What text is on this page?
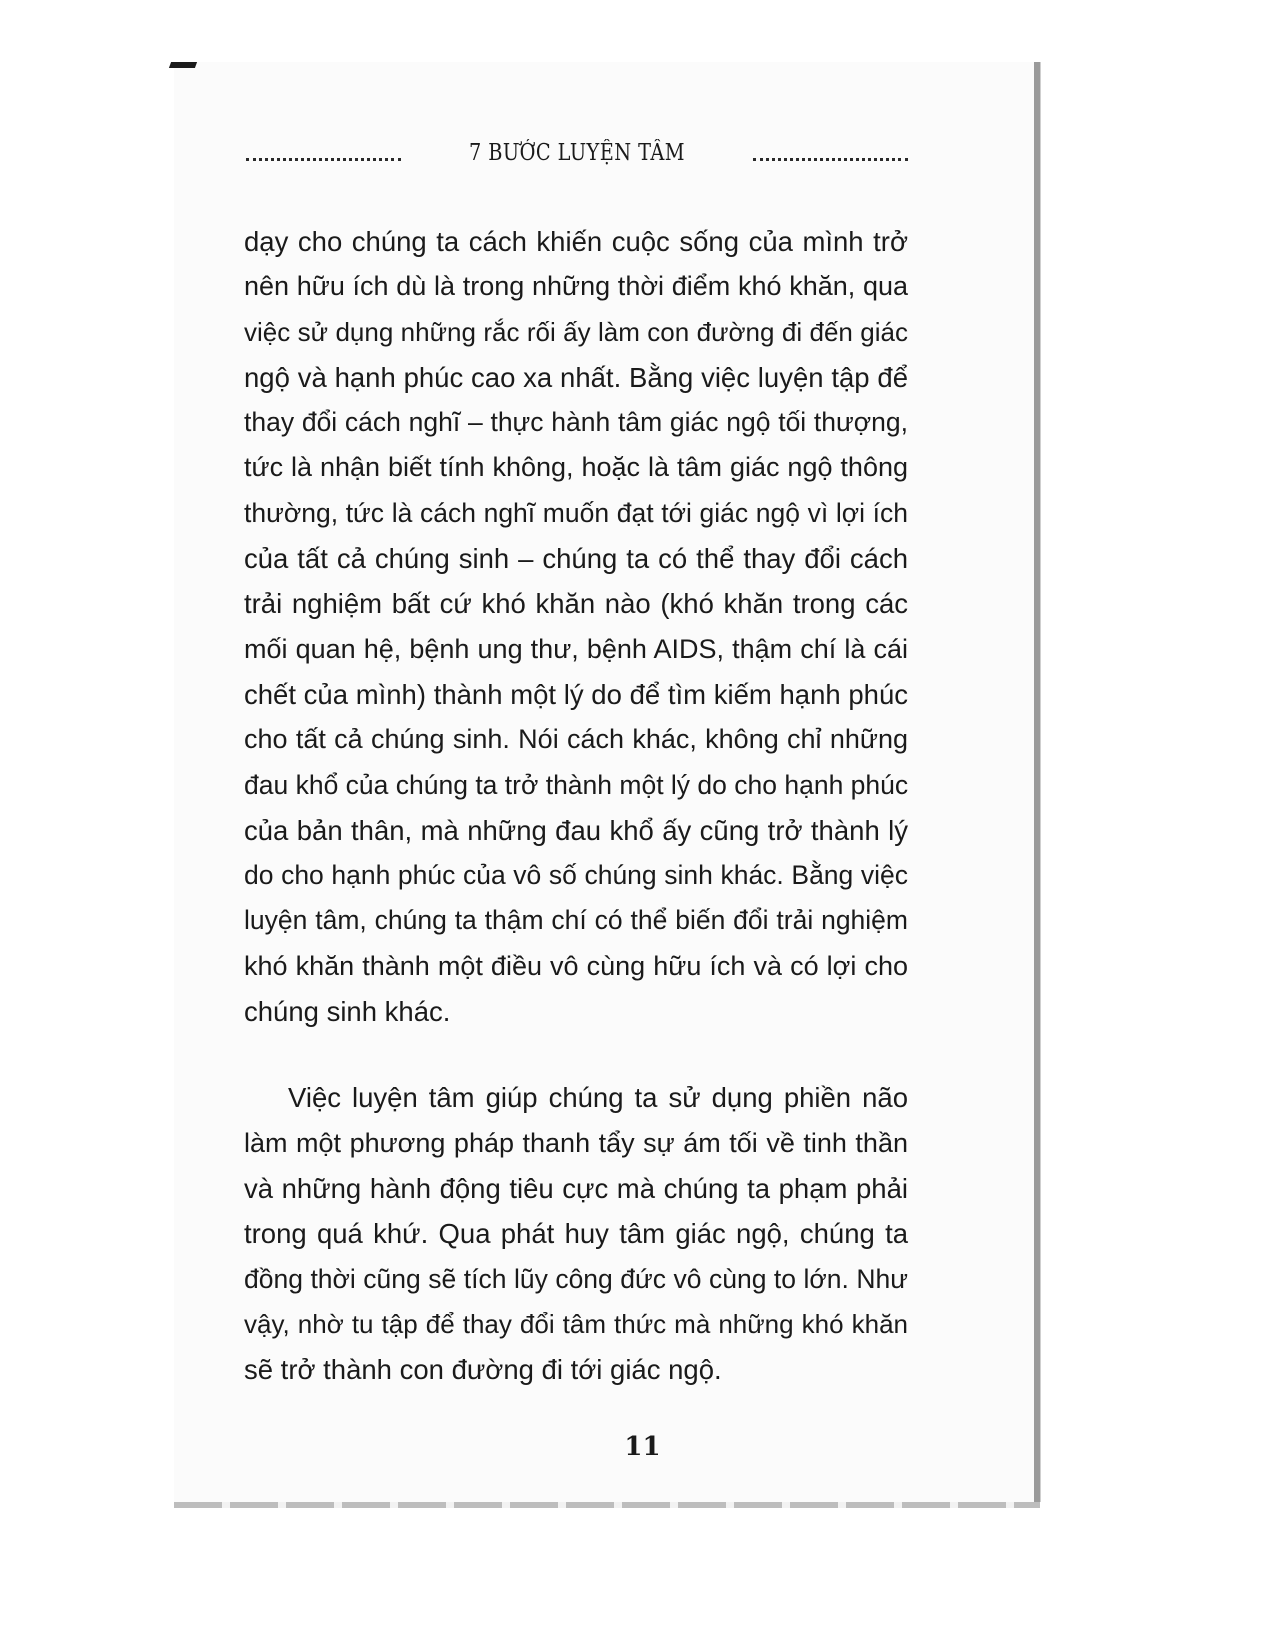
7 BƯỚC LUYỆN TÂM
dạy cho chúng ta cách khiến cuộc sống của mình trở
nên hữu ích dù là trong những thời điểm khó khăn, qua
việc sử dụng những rắc rối ấy làm con đường đi đến giác
ngộ và hạnh phúc cao xa nhất. Bằng việc luyện tập để
thay đổi cách nghĩ – thực hành tâm giác ngộ tối thượng,
tức là nhận biết tính không, hoặc là tâm giác ngộ thông
thường, tức là cách nghĩ muốn đạt tới giác ngộ vì lợi ích
của tất cả chúng sinh – chúng ta có thể thay đổi cách
trải nghiệm bất cứ khó khăn nào (khó khăn trong các
mối quan hệ, bệnh ung thư, bệnh AIDS, thậm chí là cái
chết của mình) thành một lý do để tìm kiếm hạnh phúc
cho tất cả chúng sinh. Nói cách khác, không chỉ những
đau khổ của chúng ta trở thành một lý do cho hạnh phúc
của bản thân, mà những đau khổ ấy cũng trở thành lý
do cho hạnh phúc của vô số chúng sinh khác. Bằng việc
luyện tâm, chúng ta thậm chí có thể biến đổi trải nghiệm
khó khăn thành một điều vô cùng hữu ích và có lợi cho
chúng sinh khác.
Việc luyện tâm giúp chúng ta sử dụng phiền não
làm một phương pháp thanh tẩy sự ám tối về tinh thần
và những hành động tiêu cực mà chúng ta phạm phải
trong quá khứ. Qua phát huy tâm giác ngộ, chúng ta
đồng thời cũng sẽ tích lũy công đức vô cùng to lớn. Như
vậy, nhờ tu tập để thay đổi tâm thức mà những khó khăn
sẽ trở thành con đường đi tới giác ngộ.
11
